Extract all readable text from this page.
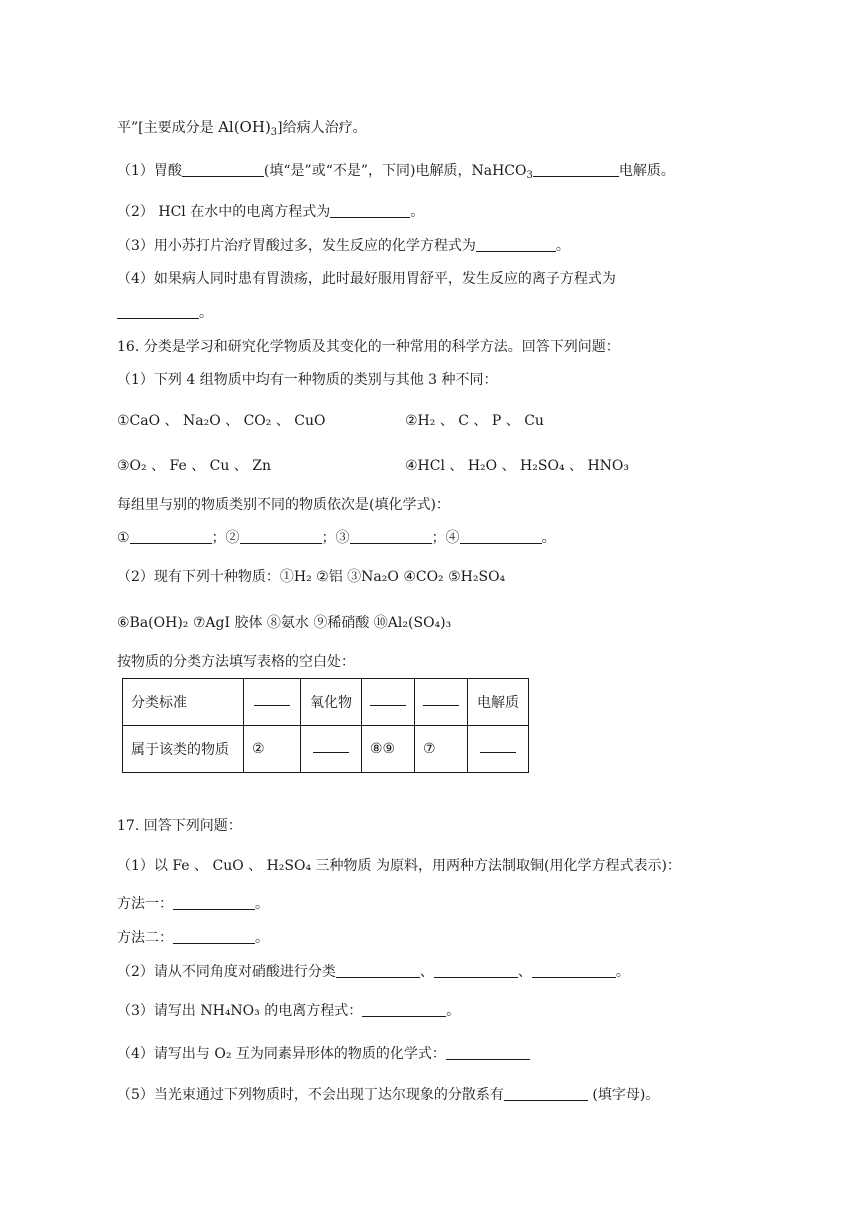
平”[主要成分是 $Al(OH)_3$]给病人治疗。
（1）胃酸	(填“是”或“不是”，下同)电解质，NaHCO$_3$	电解质。
（2） HCl 在水中的电离方程式为	。
（3）用小苏打片治疗胃酸过多，发生反应的化学方程式为	。
（4）如果病人同时患有胃溃疡，此时最好服用胃舒平，发生反应的离子方程式为
。
16. 分类是学习和研究化学物质及其变化的一种常用的科学方法。回答下列问题：
（1）下列 4 组物质中均有一种物质的类别与其他 3 种不同：
①CaO 、 Na₂O 、 CO₂ 、 CuO	②H₂ 、 C 、 P 、 Cu
③O₂ 、 Fe 、 Cu 、 Zn	④HCl 、 H₂O 、 H₂SO₄ 、 HNO₃
每组里与别的物质类别不同的物质依次是(填化学式)：
①	；②	；③	；④	。
（2）现有下列十种物质：①H₂ ②铝 ③Na₂O ④CO₂ ⑤H₂SO₄
⑥Ba(OH)₂ ⑦AgI 胶体 ⑧氨水 ⑨稀硝酸 ⑩Al₂(SO₄)₃
按物质的分类方法填写表格的空白处：
分类标准		氧化物			电解质
属于该类的物质	②		⑧⑨	⑦	
17. 回答下列问题：
（1）以 Fe 、 CuO 、 H₂SO₄ 三种物质 为原料，用两种方法制取铜(用化学方程式表示)：
方法一：	。
方法二：	。
（2）请从不同角度对硝酸进行分类	、	、	。
（3）请写出 NH₄NO₃ 的电离方程式：	。
（4）请写出与 O₂ 互为同素异形体的物质的化学式：
（5）当光束通过下列物质时，不会出现丁达尔现象的分散系有	(填字母)。
